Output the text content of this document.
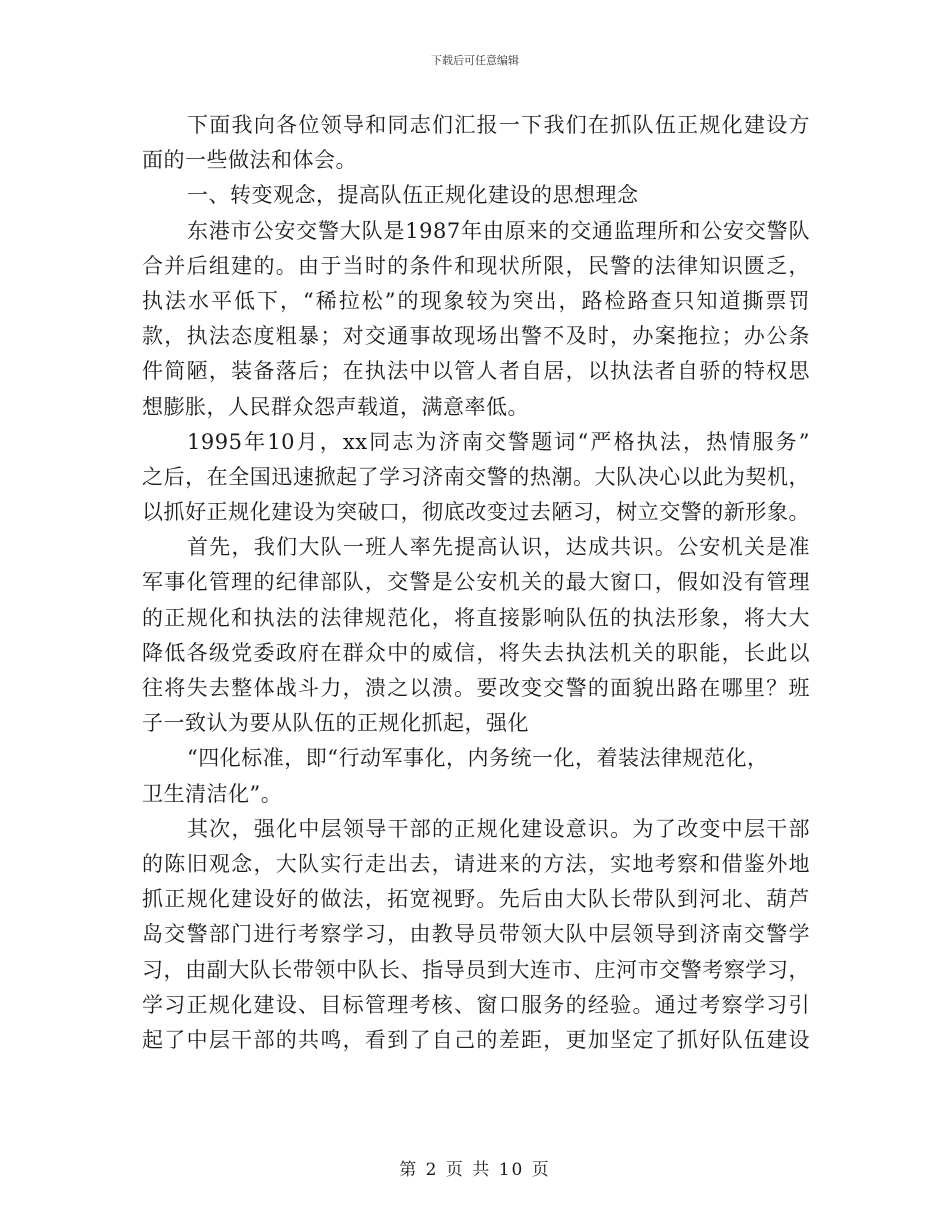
下载后可任意编辑
下面我向各位领导和同志们汇报一下我们在抓队伍正规化建设方
面的一些做法和体会。
一、转变观念，提高队伍正规化建设的思想理念
东港市公安交警大队是1987年由原来的交通监理所和公安交警队
合并后组建的。由于当时的条件和现状所限，民警的法律知识匮乏，
执法水平低下，“稀拉松”的现象较为突出，路检路查只知道撕票罚
款，执法态度粗暴；对交通事故现场出警不及时，办案拖拉；办公条
件简陋，装备落后；在执法中以管人者自居，以执法者自骄的特权思
想膨胀，人民群众怨声载道，满意率低。
1995年10月，xx同志为济南交警题词“严格执法，热情服务”
之后，在全国迅速掀起了学习济南交警的热潮。大队决心以此为契机，
以抓好正规化建设为突破口，彻底改变过去陋习，树立交警的新形象。
首先，我们大队一班人率先提高认识，达成共识。公安机关是准
军事化管理的纪律部队，交警是公安机关的最大窗口，假如没有管理
的正规化和执法的法律规范化，将直接影响队伍的执法形象，将大大
降低各级党委政府在群众中的威信，将失去执法机关的职能，长此以
往将失去整体战斗力，溃之以溃。要改变交警的面貌出路在哪里？班
子一致认为要从队伍的正规化抓起，强化
“四化标准，即“行动军事化，内务统一化，着装法律规范化，
卫生清洁化”。
其次，强化中层领导干部的正规化建设意识。为了改变中层干部
的陈旧观念，大队实行走出去，请进来的方法，实地考察和借鉴外地
抓正规化建设好的做法，拓宽视野。先后由大队长带队到河北、葫芦
岛交警部门进行考察学习，由教导员带领大队中层领导到济南交警学
习，由副大队长带领中队长、指导员到大连市、庄河市交警考察学习，
学习正规化建设、目标管理考核、窗口服务的经验。通过考察学习引
起了中层干部的共鸣，看到了自己的差距，更加坚定了抓好队伍建设
第 2 页 共 10 页
